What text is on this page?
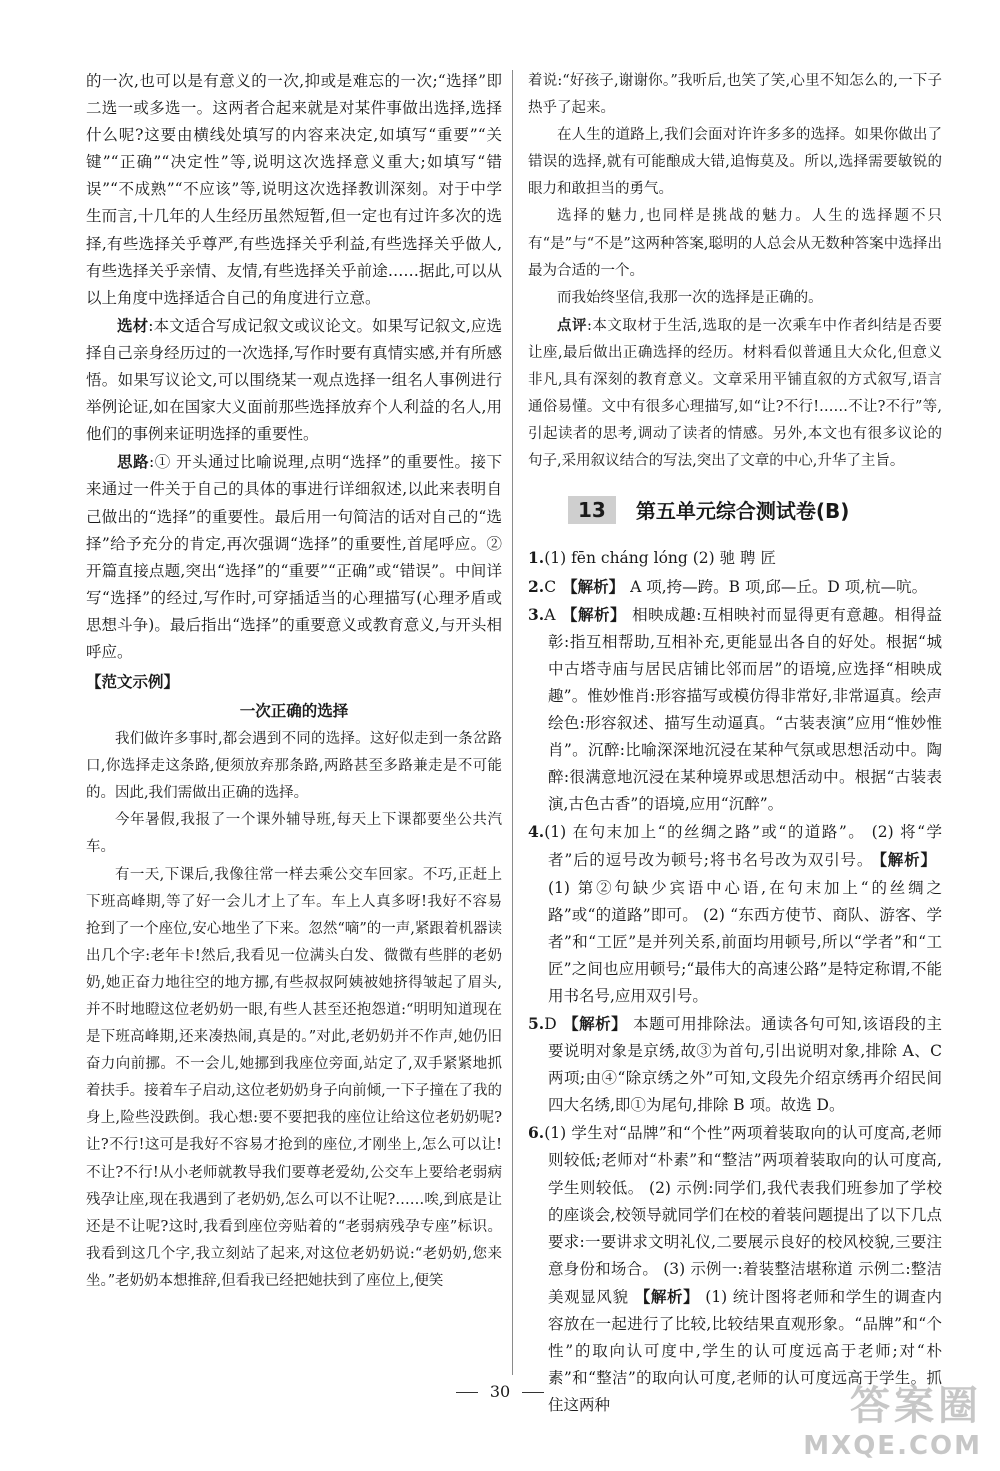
的一次,也可以是有意义的一次,抑或是难忘的一次;“选择”即二选一或多选一。这两者合起来就是对某件事做出选择,选择什么呢?这要由横线处填写的内容来决定,如填写“重要”“关键”“正确”“决定性”等,说明这次选择意义重大;如填写“错误”“不成熟”“不应该”等,说明这次选择教训深刻。对于中学生而言,十几年的人生经历虽然短暂,但一定也有过许多次的选择,有些选择关乎尊严,有些选择关乎利益,有些选择关乎做人,有些选择关乎亲情、友情,有些选择关乎前途……据此,可以从以上角度中选择适合自己的角度进行立意。

选材:本文适合写成记叙文或议论文。如果写记叙文,应选择自己亲身经历过的一次选择,写作时要有真情实感,并有所感悟。如果写议论文,可以围绕某一观点选择一组名人事例进行举例论证,如在国家大义面前那些选择放弃个人利益的名人,用他们的事例来证明选择的重要性。

思路:① 开头通过比喻说理,点明“选择”的重要性。接下来通过一件关于自己的具体的事进行详细叙述,以此来表明自己做出的“选择”的重要性。最后用一句简洁的话对自己的“选择”给予充分的肯定,再次强调“选择”的重要性,首尾呼应。② 开篇直接点题,突出“选择”的“重要”“正确”或“错误”。中间详写“选择”的经过,写作时,可穿插适当的心理描写(心理矛盾或思想斗争)。最后指出“选择”的重要意义或教育意义,与开头相呼应。

【范文示例】
一次正确的选择

我们做许多事时,都会遇到不同的选择。这好似走到一条岔路口,你选择走这条路,便须放弃那条路,两路甚至多路兼走是不可能的。因此,我们需做出正确的选择。

今年暑假,我报了一个课外辅导班,每天上下课都要坐公共汽车。

有一天,下课后,我像往常一样去乘公交车回家。不巧,正赶上下班高峰期,等了好一会儿才上了车。车上人真多呀!我好不容易抢到了一个座位,安心地坐了下来。忽然“嘀”的一声,紧跟着机器读出几个字:老年卡!然后,我看见一位满头白发、微微有些胖的老奶奶,她正奋力地往空的地方挪,有些叔叔阿姨被她挤得皱起了眉头,并不时地瞪这位老奶奶一眼,有些人甚至还抱怨道:“明明知道现在是下班高峰期,还来凑热闹,真是的。”对此,老奶奶并不作声,她仍旧奋力向前挪。不一会儿,她挪到我座位旁面,站定了,双手紧紧地抓着扶手。接着车子启动,这位老奶奶身子向前倾,一下子撞在了我的身上,险些没跌倒。我心想:要不要把我的座位让给这位老奶奶呢?让?不行!这可是我好不容易才抢到的座位,才刚坐上,怎么可以让!不让?不行!从小老师就教导我们要尊老爱幼,公交车上要给老弱病残孕让座,现在我遇到了老奶奶,怎么可以不让呢?……唉,到底是让还是不让呢?这时,我看到座位旁贴着的“老弱病残孕专座”标识。我看到这几个字,我立刻站了起来,对这位老奶奶说:“老奶奶,您来坐。”老奶奶本想推辞,但看我已经把她扶到了座位上,便笑

着说:“好孩子,谢谢你。”我听后,也笑了笑,心里不知怎么的,一下子热乎了起来。

在人生的道路上,我们会面对许许多多的选择。如果你做出了错误的选择,就有可能酿成大错,追悔莫及。所以,选择需要敏锐的眼力和敢担当的勇气。

选择的魅力,也同样是挑战的魅力。人生的选择题不只有“是”与“不是”这两种答案,聪明的人总会从无数种答案中选择出最为合适的一个。

而我始终坚信,我那一次的选择是正确的。

点评:本文取材于生活,选取的是一次乘车中作者纠结是否要让座,最后做出正确选择的经历。材料看似普通且大众化,但意义非凡,具有深刻的教育意义。文章采用平铺直叙的方式叙写,语言通俗易懂。文中有很多心理描写,如“让?不行!……不让?不行”等,引起读者的思考,调动了读者的情感。另外,本文也有很多议论的句子,采用叙议结合的写法,突出了文章的中心,升华了主旨。

13	第五单元综合测试卷(B)

1.(1) fēn cháng lóng (2) 驰 聘 匠

2.C 【解析】 A 项,挎—跨。B 项,邱—丘。D 项,杭—吭。

3.A 【解析】 相映成趣:互相映衬而显得更有意趣。相得益彰:指互相帮助,互相补充,更能显出各自的好处。根据“城中古塔寺庙与居民店铺比邻而居”的语境,应选择“相映成趣”。惟妙惟肖:形容描写或模仿得非常好,非常逼真。绘声绘色:形容叙述、描写生动逼真。“古装表演”应用“惟妙惟肖”。沉醉:比喻深深地沉浸在某种气氛或思想活动中。陶醉:很满意地沉浸在某种境界或思想活动中。根据“古装表演,古色古香”的语境,应用“沉醉”。

4.(1) 在句末加上“的丝绸之路”或“的道路”。 (2) 将“学者”后的逗号改为顿号;将书名号改为双引号。 【解析】(1) 第②句缺少宾语中心语,在句末加上“的丝绸之路”或“的道路”即可。 (2) “东西方使节、商队、游客、学者”和“工匠”是并列关系,前面均用顿号,所以“学者”和“工匠”之间也应用顿号;“最伟大的高速公路”是特定称谓,不能用书名号,应用双引号。

5.D 【解析】 本题可用排除法。通读各句可知,该语段的主要说明对象是京绣,故③为首句,引出说明对象,排除 A、C 两项;由④“除京绣之外”可知,文段先介绍京绣再介绍民间四大名绣,即①为尾句,排除 B 项。故选 D。

6.(1) 学生对“品牌”和“个性”两项着装取向的认可度高,老师则较低;老师对“朴素”和“整洁”两项着装取向的认可度高,学生则较低。 (2) 示例:同学们,我代表我们班参加了学校的座谈会,校领导就同学们在校的着装问题提出了以下几点要求:一要讲求文明礼仪,二要展示良好的校风校貌,三要注意身份和场合。 (3) 示例一:着装整洁堪称道 示例二:整洁美观显风貌 【解析】 (1) 统计图将老师和学生的调查内容放在一起进行了比较,比较结果直观形象。“品牌”和“个性”的取向认可度中,学生的认可度远高于老师;对“朴素”和“整洁”的取向认可度,老师的认可度远高于学生。抓住这两种

30	答案圈
MXQE.COM
